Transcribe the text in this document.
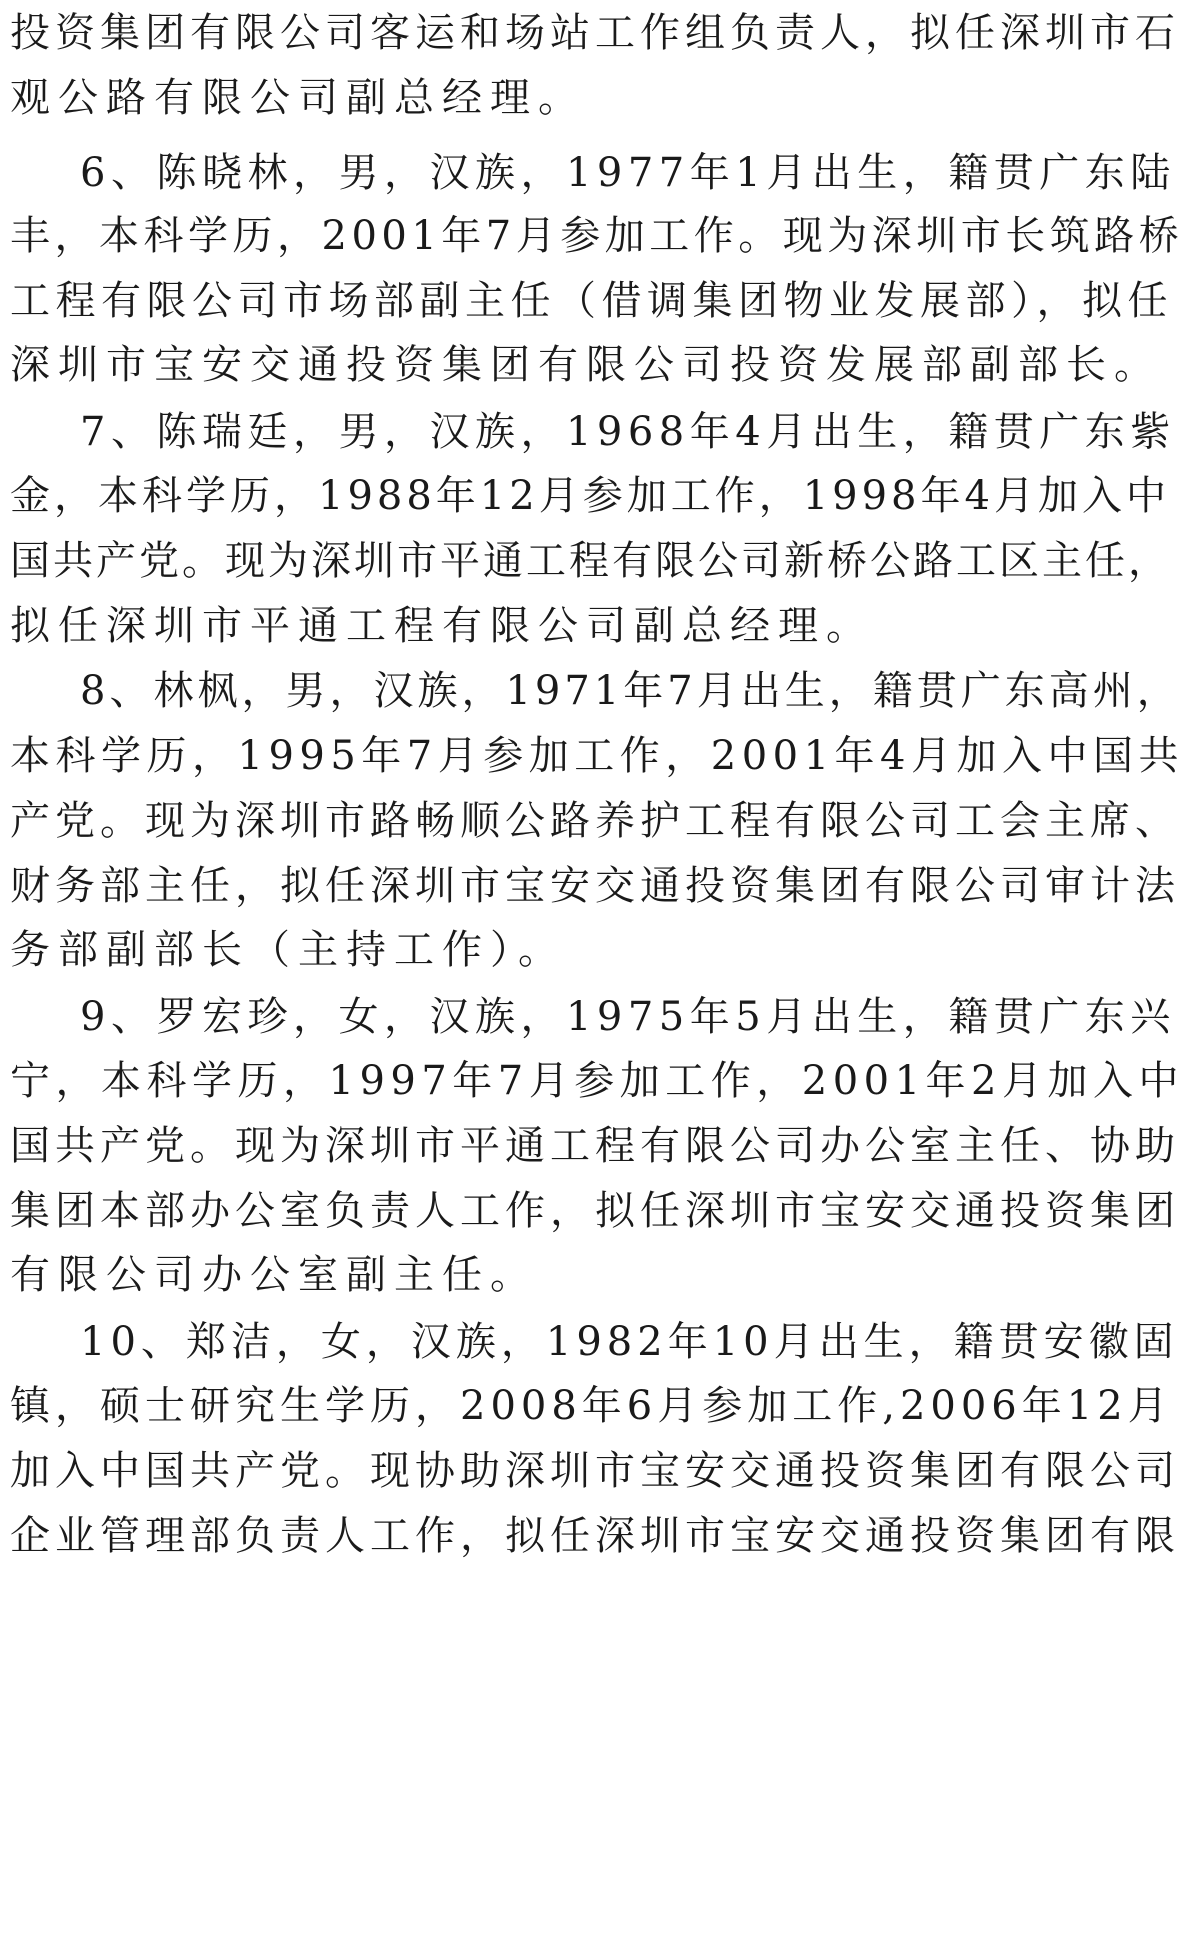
投资集团有限公司客运和场站工作组负责人，拟任深圳市石
观公路有限公司副总经理。
6、陈晓林，男，汉族，1977年1月出生，籍贯广东陆
丰，本科学历，2001年7月参加工作。现为深圳市长筑路桥
工程有限公司市场部副主任（借调集团物业发展部），拟任
深圳市宝安交通投资集团有限公司投资发展部副部长。
7、陈瑞廷，男，汉族，1968年4月出生，籍贯广东紫
金，本科学历，1988年12月参加工作，1998年4月加入中
国共产党。现为深圳市平通工程有限公司新桥公路工区主任，
拟任深圳市平通工程有限公司副总经理。
8、林枫，男，汉族，1971年7月出生，籍贯广东高州，
本科学历，1995年7月参加工作，2001年4月加入中国共
产党。现为深圳市路畅顺公路养护工程有限公司工会主席、
财务部主任，拟任深圳市宝安交通投资集团有限公司审计法
务部副部长（主持工作）。
9、罗宏珍，女，汉族，1975年5月出生，籍贯广东兴
宁，本科学历，1997年7月参加工作，2001年2月加入中
国共产党。现为深圳市平通工程有限公司办公室主任、协助
集团本部办公室负责人工作，拟任深圳市宝安交通投资集团
有限公司办公室副主任。
10、郑洁，女，汉族，1982年10月出生，籍贯安徽固
镇，硕士研究生学历，2008年6月参加工作,2006年12月
加入中国共产党。现协助深圳市宝安交通投资集团有限公司
企业管理部负责人工作，拟任深圳市宝安交通投资集团有限
